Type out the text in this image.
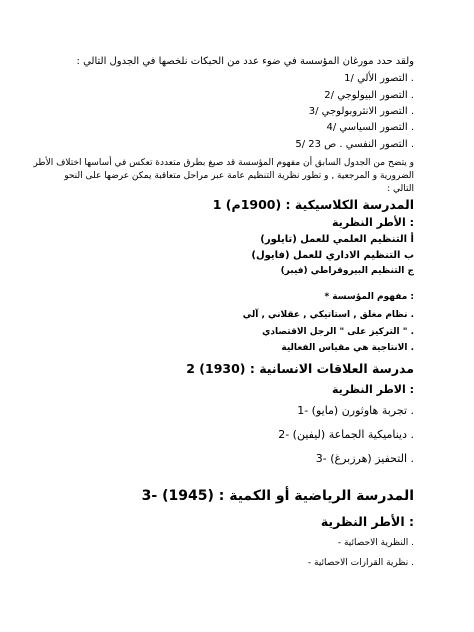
ولقد حدد مورغان المؤسسة في ضوء عدد من الحبكات نلخصها في الجدول التالي :
. التصور الألي /1
. التصور البيولوجي /2
. التصور الانثروبولوجي /3
. التصور السياسي /4
. التصور النفسي . ص 23 /5
و يتضح من الجدول السابق أن مفهوم المؤسسة قد صيغ بطرق متعددة تعكس في أساسها اختلاف الأطر
الضرورية و المرجعية , و تطور نظرية التنظيم عامة عبر مراحل متعاقبة يمكن عرضها على النحو
التالي :
المدرسة الكلاسيكية : (1900م) 1
: الأطر النظرية
أ التنظيم العلمي للعمل (تايلور)
ب التنظيم الاداري للعمل (فايول)
ج التنظيم البيروقراطي (فيبر)
: مفهوم المؤسسة *
. نظام مغلق , استاتيكي , عقلاني , آلي
. " التركيز على " الرجل الاقتصادي
. الانتاجية هي مقياس الفعالية
مدرسة العلاقات الانسانية : (1930) 2
: الاطر النظرية
. تجربة هاوثورن (مايو) -1
. ديناميكية الجماعة (ليفين) -2
. التحفيز (هرزبرغ) -3
المدرسة الرياضية أو الكمية : (1945) -3
: الأطر النظرية
. النظرية الاحصائية -
. نظرية القرارات الاحصائية -
